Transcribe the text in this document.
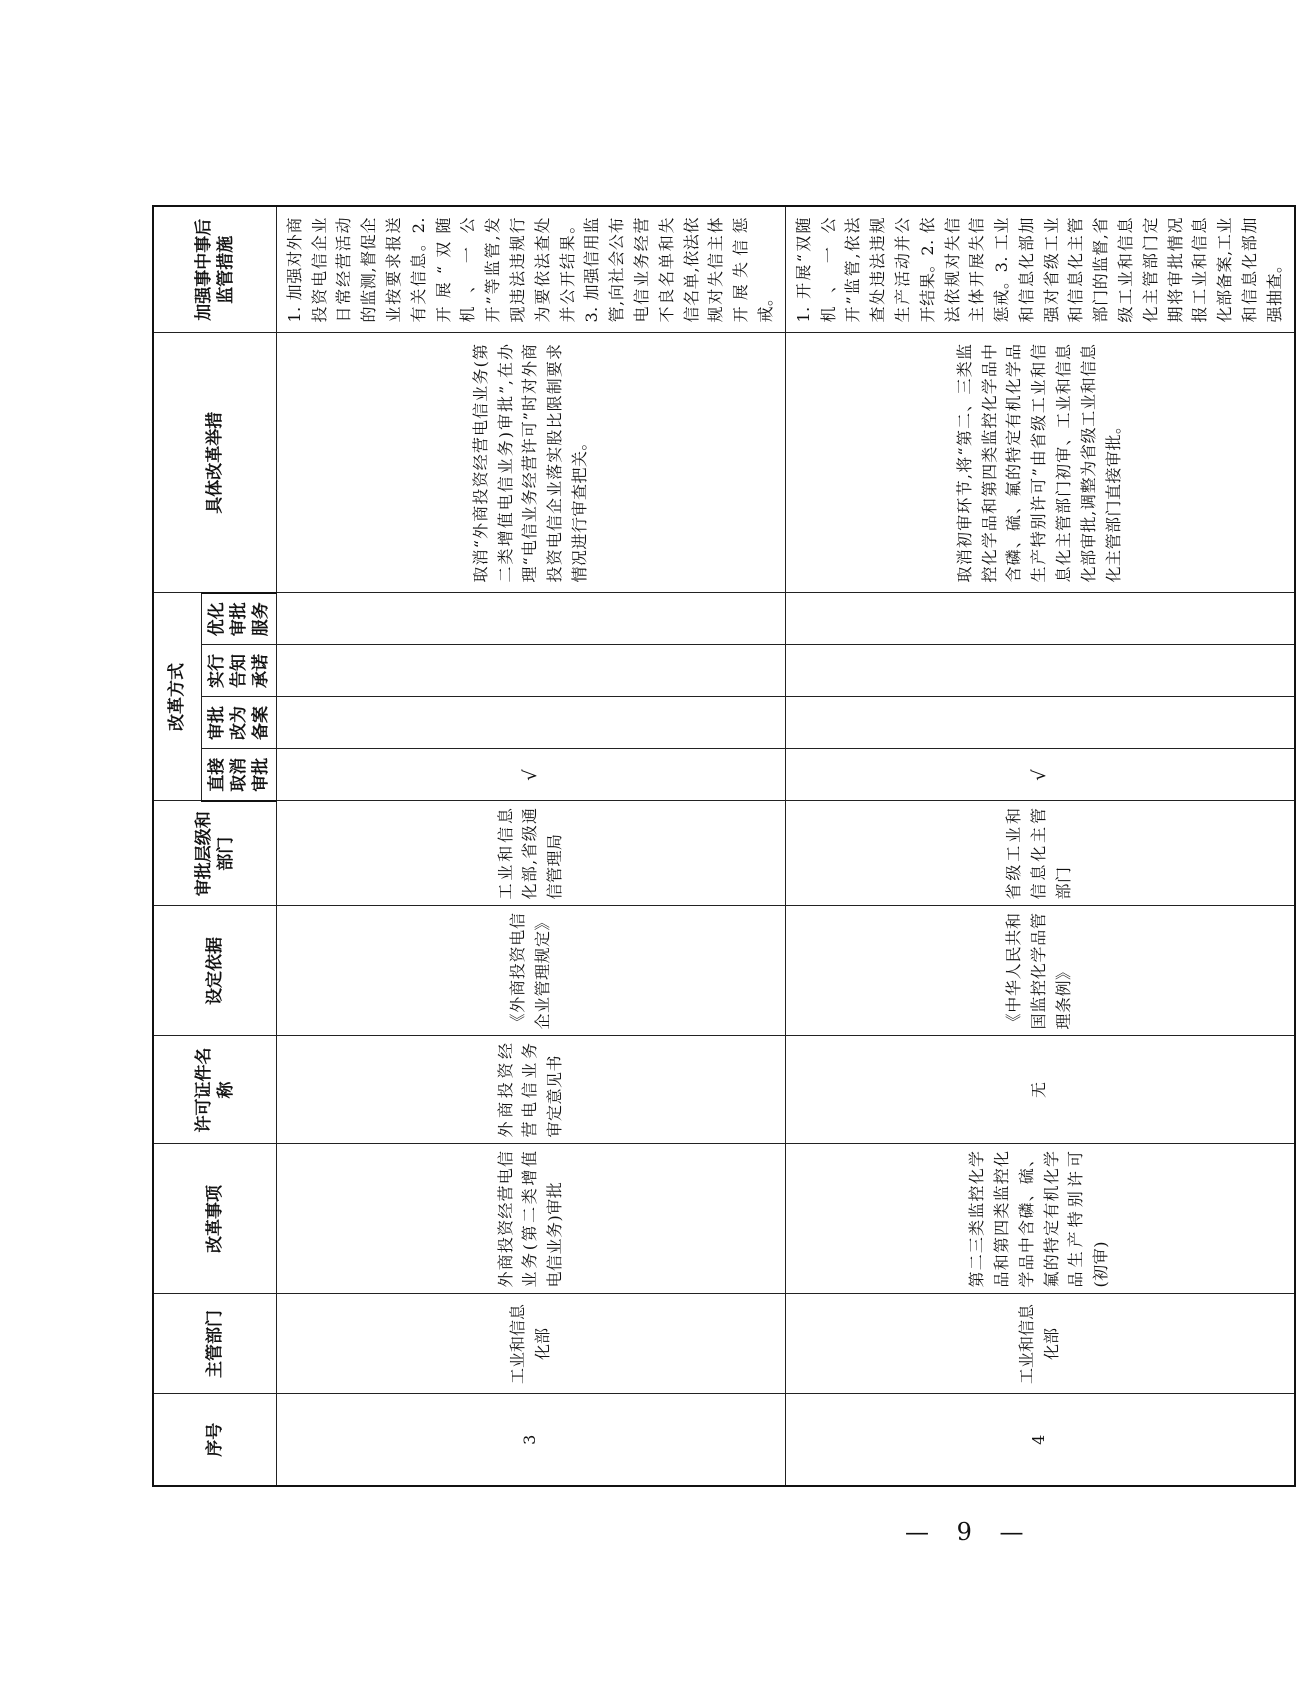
序号	主管部门	改革事项	许可证件名称	设定依据	审批层级和部门	改革方式				具体改革举措	加强事中事后监管措施
						直接取消审批	审批改为备案	实行告知承诺	优化审批服务		
3	工业和信息化部	外商投资经营电信业务(第二类增值电信业务)审批	外商投资经营电信业务审定意见书	《外商投资电信企业管理规定》	工业和信息化部,省级通信管理局	√				取消“外商投资经营电信业务(第二类增值电信业务)审批”,在办理“电信业务经营许可”时对外商投资电信企业落实股比限制要求情况进行审查把关。	1. 加强对外商投资电信企业日常经营活动的监测,督促企业按要求报送有关信息。2. 开展“双随机、一公开”等监管,发现违法违规行为要依法查处并公开结果。3. 加强信用监管,向社会公布电信业务经营不良名单和失信名单,依法依规对失信主体开展失信惩戒。
4	工业和信息化部	第二三类监控化学品和第四类监控化学品中含磷、硫、氟的特定有机化学品生产特别许可(初审)	无	《中华人民共和国监控化学品管理条例》	省级工业和信息化主管部门	√				取消初审环节,将“第二、三类监控化学品和第四类监控化学品中含磷、硫、氟的特定有机化学品生产特别许可”由省级工业和信息化主管部门初审、工业和信息化部审批,调整为省级工业和信息化主管部门直接审批。	1. 开展“双随机、一公开”监管,依法查处违法违规生产活动并公开结果。2. 依法依规对失信主体开展失信惩戒。3. 工业和信息化部加强对省级工业和信息化主管部门的监督,省级工业和信息化主管部门定期将审批情况报工业和信息化部备案,工业和信息化部加强抽查。
— 9 —
